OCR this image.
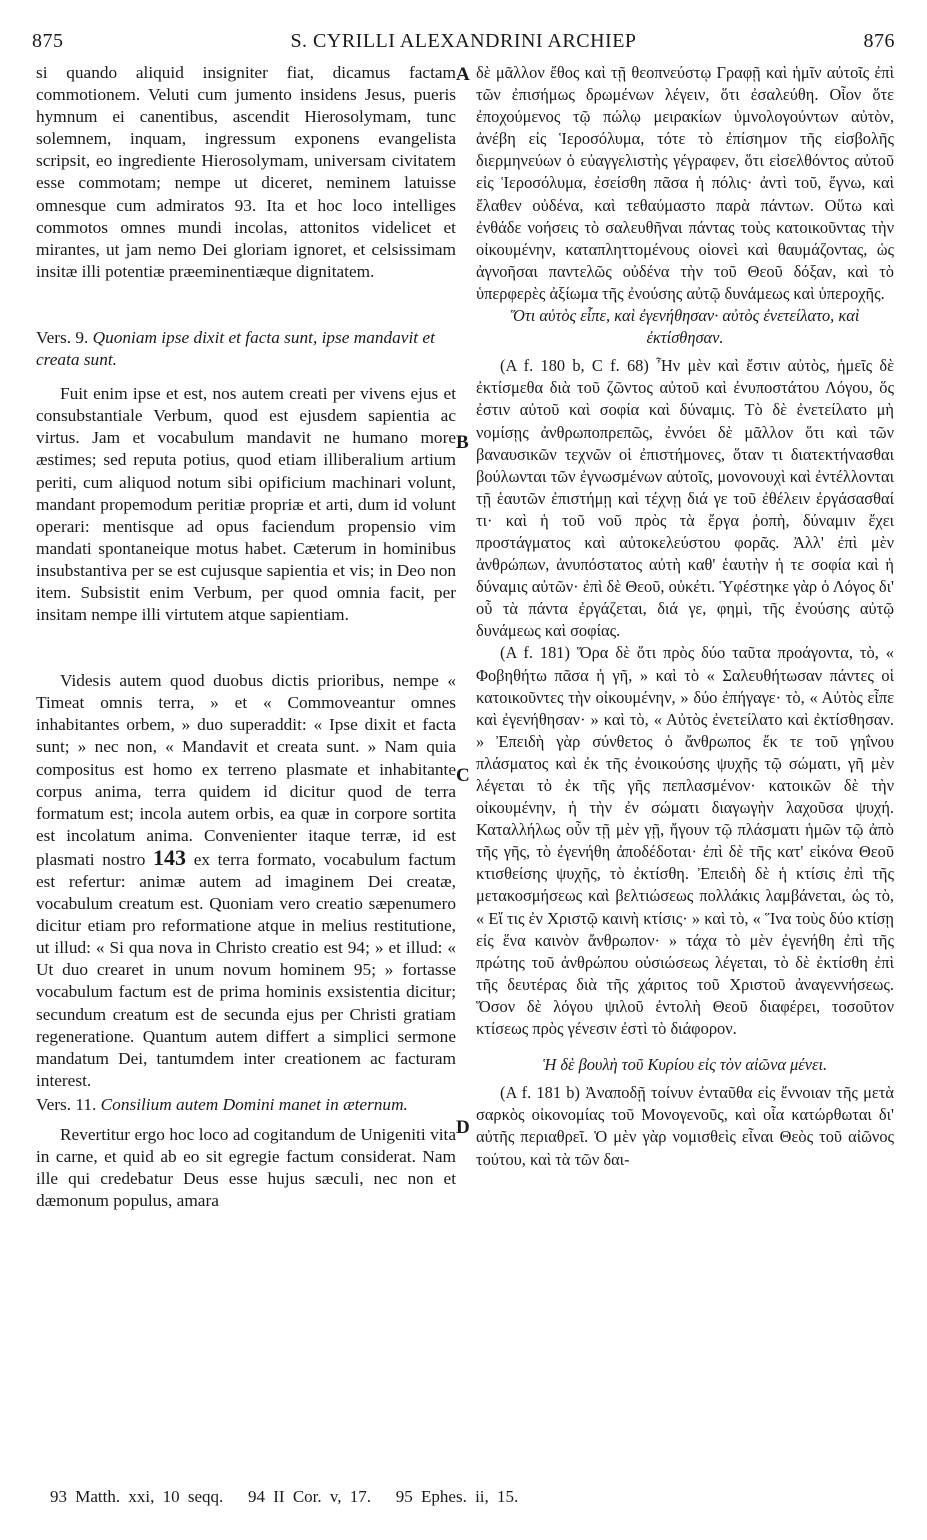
875	S. CYRILLI ALEXANDRINI ARCHIEP	876

si quando aliquid insigniter fiat, dicamus factam commotionem. Veluti cum jumento insidens Jesus, pueris hymnum ei canentibus, ascendit Hierosolymam, tunc solemnem, inquam, ingressum exponens evangelista scripsit, eo ingrediente Hierosolymam, universam civitatem esse commotam; nempe ut diceret, neminem latuisse omnesque cum admiratos 93. Ita et hoc loco intelliges commotos omnes mundi incolas, attonitos videlicet et mirantes, ut jam nemo Dei gloriam ignoret, et celsissimam insitæ illi potentiæ præeminentiæque dignitatem.

Vers. 9. Quoniam ipse dixit et facta sunt, ipse mandavit et creata sunt.

Fuit enim ipse et est, nos autem creati per vivens ejus et consubstantiale Verbum, quod est ejusdem sapientia ac virtus. Jam et vocabulum mandavit ne humano more æstimes; sed reputa potius, quod etiam illiberalium artium periti, cum aliquod notum sibi opificium machinari volunt, mandant propemodum peritiæ propriæ et arti, dum id volunt operari: mentisque ad opus faciendum propensio vim mandati spontaneique motus habet. Cæterum in hominibus insubstantiva per se est cujusque sapientia et vis; in Deo non item. Subsistit enim Verbum, per quod omnia facit, per insitam nempe illi virtutem atque sapientiam.

Videsis autem quod duobus dictis prioribus, nempe « Timeat omnis terra, » et « Commoveantur omnes inhabitantes orbem, » duo superaddit: « Ipse dixit et facta sunt; » nec non, « Mandavit et creata sunt. » Nam quia compositus est homo ex terreno plasmate et inhabitante corpus anima, terra quidem id dicitur quod de terra formatum est; incola autem orbis, ea quæ in corpore sortita est incolatum anima. Convenienter itaque terræ, id est plasmati nostro 143 ex terra formato, vocabulum factum est refertur: animæ autem ad imaginem Dei creatæ, vocabulum creatum est. Quoniam vero creatio sæpenumero dicitur etiam pro reformatione atque in melius restitutione, ut illud: « Si qua nova in Christo creatio est 94; » et illud: « Ut duo crearet in unum novum hominem 95; » fortasse vocabulum factum est de prima hominis exsistentia dicitur; secundum creatum est de secunda ejus per Christi gratiam regeneratione. Quantum autem differt a simplici sermone mandatum Dei, tantumdem inter creationem ac facturam interest.

Vers. 11. Consilium autem Domini manet in æternum.

Revertitur ergo hoc loco ad cogitandum de Unigeniti vita in carne, et quid ab eo sit egregie factum considerat. Nam ille qui credebatur Deus esse hujus sæculi, nec non et dæmonum populus, amara

A
B
C
D

δὲ μᾶλλον ἔθος καὶ τῇ θεοπνεύστῳ Γραφῇ καὶ ἡμῖν αὐτοῖς ἐπὶ τῶν ἐπισήμως δρωμένων λέγειν, ὅτι ἐσαλεύθη. Οἷον ὅτε ἐποχούμενος τῷ πώλῳ μειρακίων ὑμνολογούντων αὐτὸν, ἀνέβη εἰς Ἱεροσόλυμα, τότε τὸ ἐπίσημον τῆς εἰσβολῆς διερμηνεύων ὁ εὐαγγελιστὴς γέγραφεν, ὅτι εἰσελθόντος αὐτοῦ εἰς Ἱεροσόλυμα, ἐσείσθη πᾶσα ἡ πόλις· ἀντὶ τοῦ, ἔγνω, καὶ ἔλαθεν οὐδένα, καὶ τεθαύμαστο παρὰ πάντων. Οὕτω καὶ ἐνθάδε νοήσεις τὸ σαλευθῆναι πάντας τοὺς κατοικοῦντας τὴν οἰκουμένην, καταπληττομένους οἱονεὶ καὶ θαυμάζοντας, ὡς ἀγνοῆσαι παντελῶς οὐδένα τὴν τοῦ Θεοῦ δόξαν, καὶ τὸ ὑπερφερὲς ἀξίωμα τῆς ἐνούσης αὐτῷ δυνάμεως καὶ ὑπεροχῆς.

Ὅτι αὐτὸς εἶπε, καὶ ἐγενήθησαν· αὐτὸς ἐνετείλατο, καὶ ἐκτίσθησαν.

(A f. 180 b, C f. 68) Ἦν μὲν καὶ ἔστιν αὐτὸς, ἡμεῖς δὲ ἐκτίσμεθα διὰ τοῦ ζῶντος αὐτοῦ καὶ ἐνυποστάτου Λόγου, ὅς ἐστιν αὐτοῦ καὶ σοφία καὶ δύναμις. Τὸ δὲ ἐνετείλατο μὴ νομίσῃς ἀνθρωποπρεπῶς, ἐννόει δὲ μᾶλλον ὅτι καὶ τῶν βαναυσικῶν τεχνῶν οἱ ἐπιστήμονες, ὅταν τι διατεκτήνασθαι βούλωνται τῶν ἐγνωσμένων αὐτοῖς, μονονουχὶ καὶ ἐντέλλονται τῇ ἑαυτῶν ἐπιστήμῃ καὶ τέχνῃ διά γε τοῦ ἐθέλειν ἐργάσασθαί τι· καὶ ἡ τοῦ νοῦ πρὸς τὰ ἔργα ῥοπὴ, δύναμιν ἔχει προστάγματος καὶ αὐτοκελεύστου φορᾶς. Ἀλλ' ἐπὶ μὲν ἀνθρώπων, ἀνυπόστατος αὐτὴ καθ' ἑαυτὴν ἡ τε σοφία καὶ ἡ δύναμις αὐτῶν· ἐπὶ δὲ Θεοῦ, οὐκέτι. Ὑφέστηκε γὰρ ὁ Λόγος δι' οὗ τὰ πάντα ἐργάζεται, διά γε, φημὶ, τῆς ἐνούσης αὐτῷ δυνάμεως καὶ σοφίας.

(A f. 181) Ὅρα δὲ ὅτι πρὸς δύο ταῦτα προάγοντα, τὸ, « Φοβηθήτω πᾶσα ἡ γῆ, » καὶ τὸ « Σαλευθήτωσαν πάντες οἱ κατοικοῦντες τὴν οἰκουμένην, » δύο ἐπήγαγε· τὸ, « Αὐτὸς εἶπε καὶ ἐγενήθησαν· » καὶ τὸ, « Αὐτὸς ἐνετείλατο καὶ ἐκτίσθησαν. » Ἐπειδὴ γὰρ σύνθετος ὁ ἄνθρωπος ἔκ τε τοῦ γηΐνου πλάσματος καὶ ἐκ τῆς ἐνοικούσης ψυχῆς τῷ σώματι, γῆ μὲν λέγεται τὸ ἐκ τῆς γῆς πεπλασμένον· κατοικῶν δὲ τὴν οἰκουμένην, ἡ τὴν ἐν σώματι διαγωγὴν λαχοῦσα ψυχή. Καταλλήλως οὖν τῇ μὲν γῇ, ἤγουν τῷ πλάσματι ἡμῶν τῷ ἀπὸ τῆς γῆς, τὸ ἐγενήθη ἀποδέδοται· ἐπὶ δὲ τῆς κατ' εἰκόνα Θεοῦ κτισθείσης ψυχῆς, τὸ ἐκτίσθη. Ἐπειδὴ δὲ ἡ κτίσις ἐπὶ τῆς μετακοσμήσεως καὶ βελτιώσεως πολλάκις λαμβάνεται, ὡς τὸ, « Εἴ τις ἐν Χριστῷ καινὴ κτίσις· » καὶ τὸ, « Ἵνα τοὺς δύο κτίσῃ εἰς ἕνα καινὸν ἄνθρωπον· » τάχα τὸ μὲν ἐγενήθη ἐπὶ τῆς πρώτης τοῦ ἀνθρώπου οὐσιώσεως λέγεται, τὸ δὲ ἐκτίσθη ἐπὶ τῆς δευτέρας διὰ τῆς χάριτος τοῦ Χριστοῦ ἀναγεννήσεως. Ὅσον δὲ λόγου ψιλοῦ ἐντολὴ Θεοῦ διαφέρει, τοσοῦτον κτίσεως πρὸς γένεσιν ἐστὶ τὸ διάφορον.

Ἡ δὲ βουλὴ τοῦ Κυρίου εἰς τὸν αἰῶνα μένει.

(A f. 181 b) Ἀναποδῇ τοίνυν ἐνταῦθα εἰς ἔννοιαν τῆς μετὰ σαρκὸς οἰκονομίας τοῦ Μονογενοῦς, καὶ οἷα κατώρθωται δι' αὐτῆς περιαθρεῖ. Ὁ μὲν γὰρ νομισθεὶς εἶναι Θεὸς τοῦ αἰῶνος τούτου, καὶ τὰ τῶν δαι-

93 Matth. xxi, 10 seqq. 94 II Cor. v, 17. 95 Ephes. ii, 15.
